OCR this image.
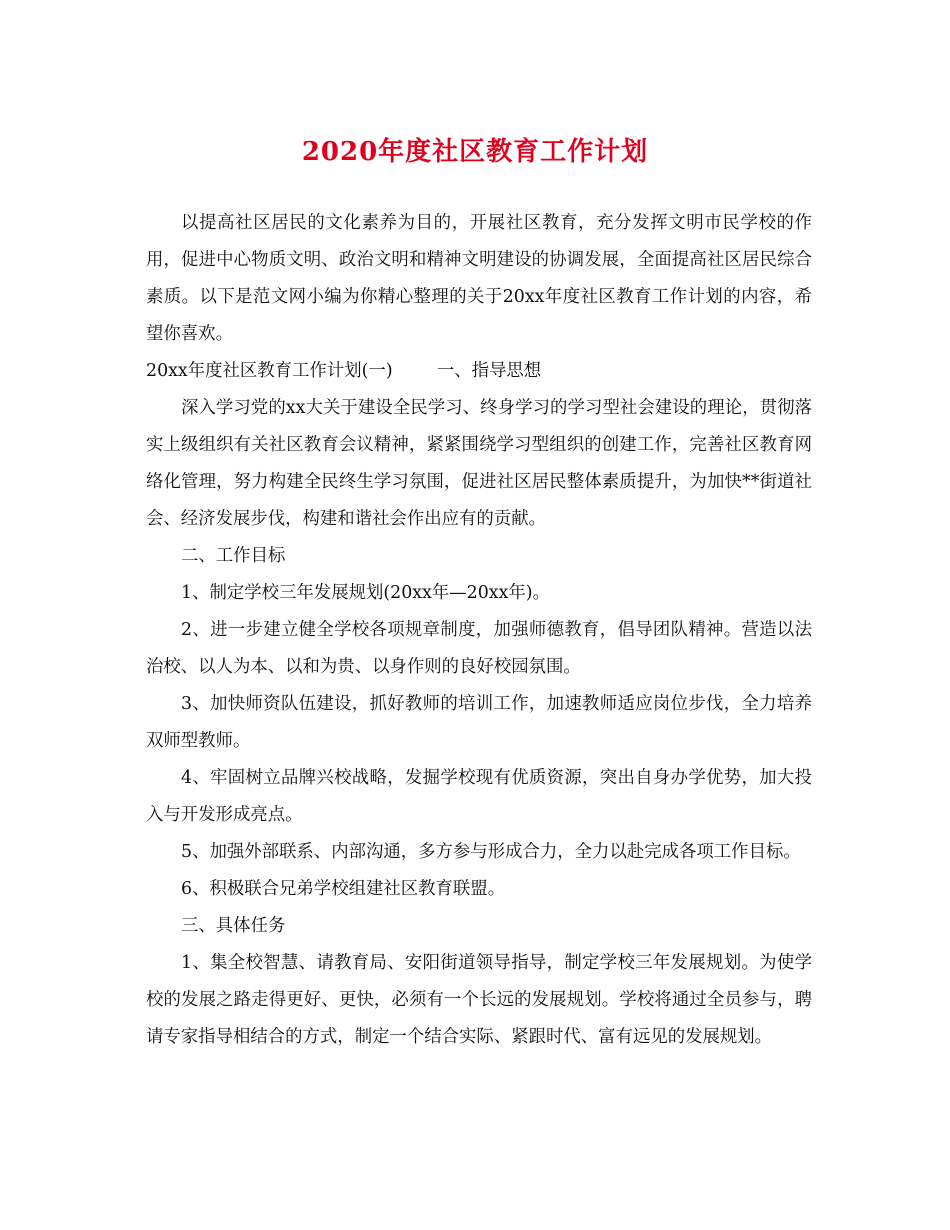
2020年度社区教育工作计划

以提高社区居民的文化素养为目的，开展社区教育，充分发挥文明市民学校的作用，促进中心物质文明、政治文明和精神文明建设的协调发展，全面提高社区居民综合素质。以下是范文网小编为你精心整理的关于20xx年度社区教育工作计划的内容，希望你喜欢。

20xx年度社区教育工作计划(一)        一、指导思想

深入学习党的xx大关于建设全民学习、终身学习的学习型社会建设的理论，贯彻落实上级组织有关社区教育会议精神，紧紧围绕学习型组织的创建工作，完善社区教育网络化管理，努力构建全民终生学习氛围，促进社区居民整体素质提升，为加快**街道社会、经济发展步伐，构建和谐社会作出应有的贡献。

二、工作目标

1、制定学校三年发展规划(20xx年—20xx年)。

2、进一步建立健全学校各项规章制度，加强师德教育，倡导团队精神。营造以法治校、以人为本、以和为贵、以身作则的良好校园氛围。

3、加快师资队伍建设，抓好教师的培训工作，加速教师适应岗位步伐，全力培养双师型教师。

4、牢固树立品牌兴校战略，发掘学校现有优质资源，突出自身办学优势，加大投入与开发形成亮点。

5、加强外部联系、内部沟通，多方参与形成合力，全力以赴完成各项工作目标。

6、积极联合兄弟学校组建社区教育联盟。

三、具体任务

1、集全校智慧、请教育局、安阳街道领导指导，制定学校三年发展规划。为使学校的发展之路走得更好、更快，必须有一个长远的发展规划。学校将通过全员参与，聘请专家指导相结合的方式，制定一个结合实际、紧跟时代、富有远见的发展规划。
